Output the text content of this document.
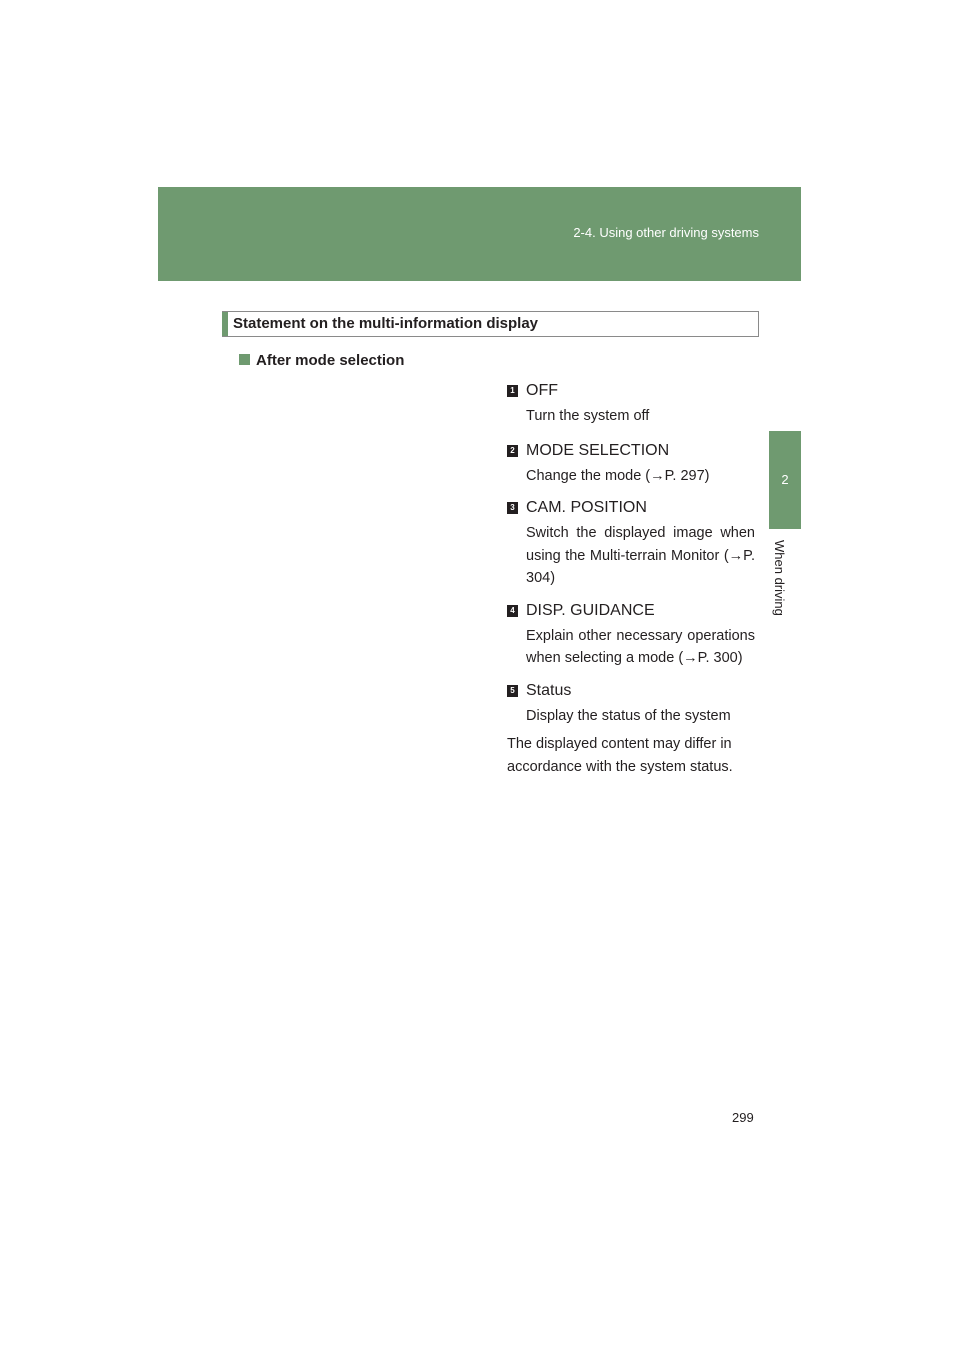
2-4. Using other driving systems
2
When driving
Statement on the multi-information display
After mode selection
1 OFF
Turn the system off
2 MODE SELECTION
Change the mode (→P. 297)
3 CAM. POSITION
Switch the displayed image when using the Multi-terrain Monitor (→P. 304)
4 DISP. GUIDANCE
Explain other necessary operations when selecting a mode (→P. 300)
5 Status
Display the status of the system
The displayed content may differ in accordance with the system status.
299
